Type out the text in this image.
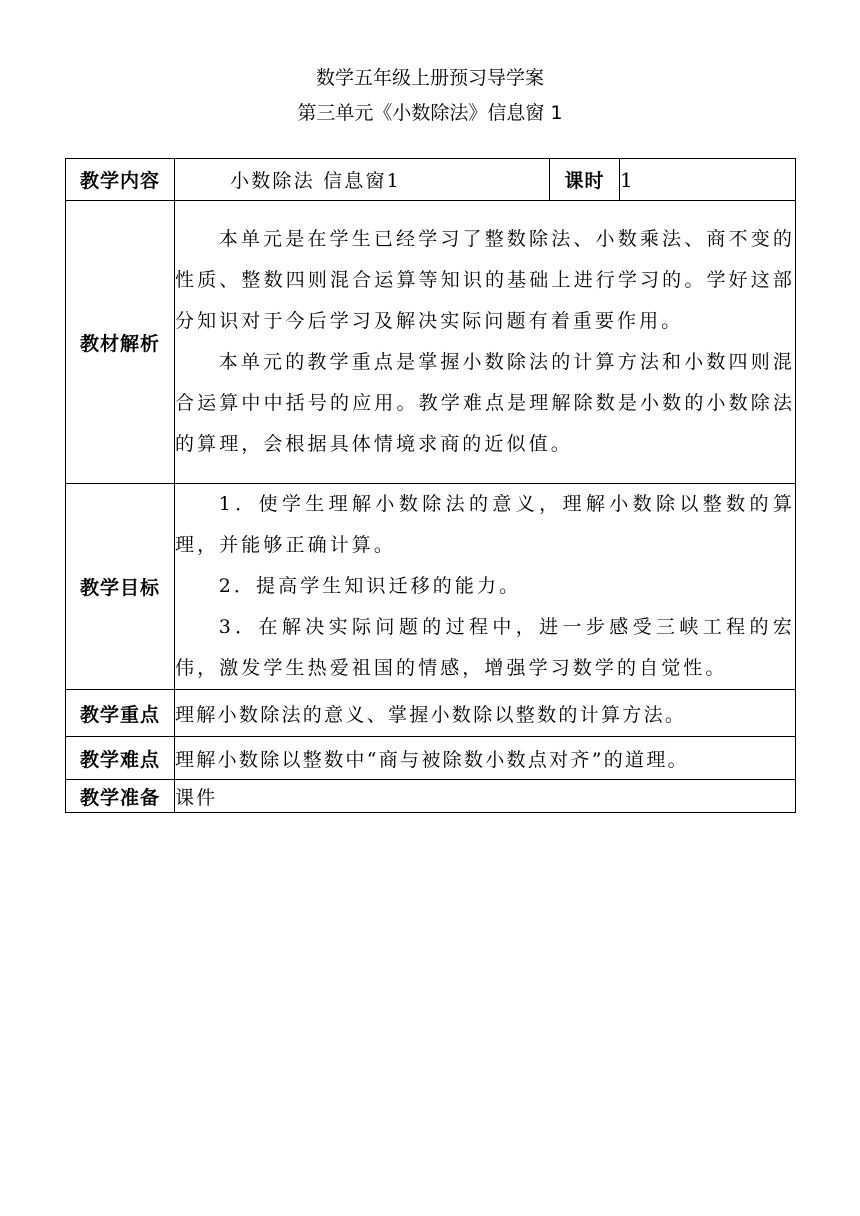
数学五年级上册预习导学案
第三单元《小数除法》信息窗 1
教学内容	小数除法 信息窗1	课时	1
教材解析	本单元是在学生已经学习了整数除法、小数乘法、商不变的性质、整数四则混合运算等知识的基础上进行学习的。学好这部分知识对于今后学习及解决实际问题有着重要作用。

本单元的教学重点是掌握小数除法的计算方法和小数四则混合运算中中括号的应用。教学难点是理解除数是小数的小数除法的算理，会根据具体情境求商的近似值。		

教学目标	1．使学生理解小数除法的意义，理解小数除以整数的算理，并能够正确计算。

2．提高学生知识迁移的能力。

3．在解决实际问题的过程中，进一步感受三峡工程的宏伟，激发学生热爱祖国的情感，增强学习数学的自觉性。		

教学重点	理解小数除法的意义、掌握小数除以整数的计算方法。		
教学难点	理解小数除以整数中“商与被除数小数点对齐”的道理。		
教学准备	课件		
